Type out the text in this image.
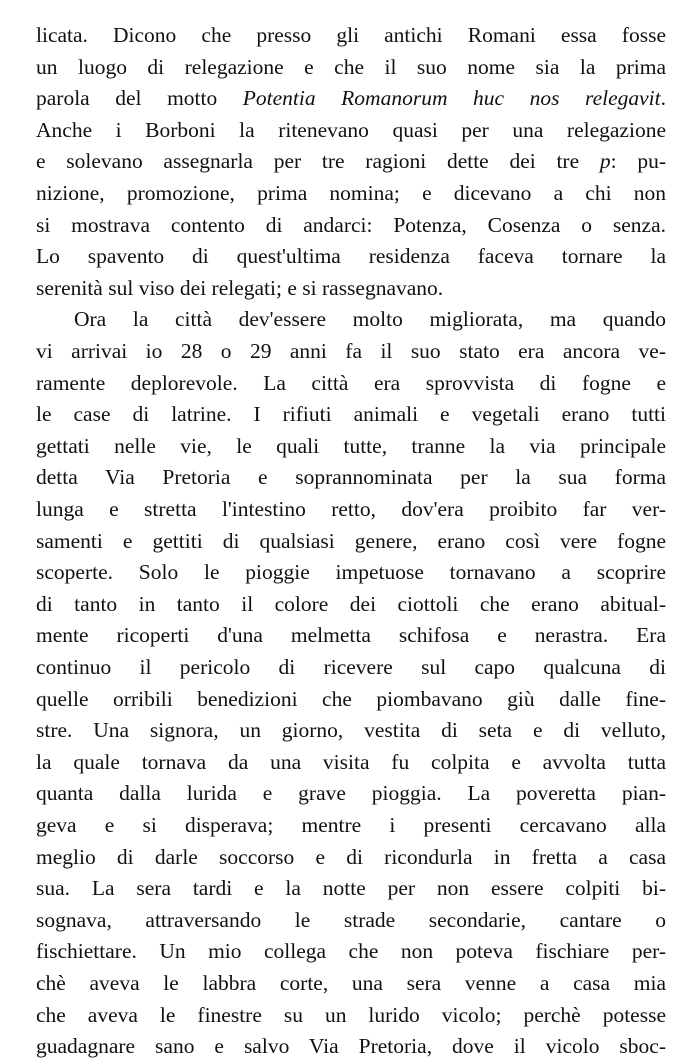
licata. Dicono che presso gli antichi Romani essa fosse
un luogo di relegazione e che il suo nome sia la prima
parola del motto Potentia Romanorum huc nos relegavit.
Anche i Borboni la ritenevano quasi per una relegazione
e solevano assegnarla per tre ragioni dette dei tre p: pu-
nizione, promozione, prima nomina; e dicevano a chi non
si mostrava contento di andarci: Potenza, Cosenza o senza.
Lo spavento di quest'ultima residenza faceva tornare la
serenità sul viso dei relegati; e si rassegnavano.
Ora la città dev'essere molto migliorata, ma quando
vi arrivai io 28 o 29 anni fa il suo stato era ancora ve-
ramente deplorevole. La città era sprovvista di fogne e
le case di latrine. I rifiuti animali e vegetali erano tutti
gettati nelle vie, le quali tutte, tranne la via principale
detta Via Pretoria e soprannominata per la sua forma
lunga e stretta l'intestino retto, dov'era proibito far ver-
samenti e gettiti di qualsiasi genere, erano così vere fogne
scoperte. Solo le pioggie impetuose tornavano a scoprire
di tanto in tanto il colore dei ciottoli che erano abitual-
mente ricoperti d'una melmetta schifosa e nerastra. Era
continuo il pericolo di ricevere sul capo qualcuna di
quelle orribili benedizioni che piombavano giù dalle fine-
stre. Una signora, un giorno, vestita di seta e di velluto,
la quale tornava da una visita fu colpita e avvolta tutta
quanta dalla lurida e grave pioggia. La poveretta pian-
geva e si disperava; mentre i presenti cercavano alla
meglio di darle soccorso e di ricondurla in fretta a casa
sua. La sera tardi e la notte per non essere colpiti bi-
sognava, attraversando le strade secondarie, cantare o
fischiettare. Un mio collega che non poteva fischiare per-
chè aveva le labbra corte, una sera venne a casa mia
che aveva le finestre su un lurido vicolo; perchè potesse
guadagnare sano e salvo Via Pretoria, dove il vicolo sboc-
